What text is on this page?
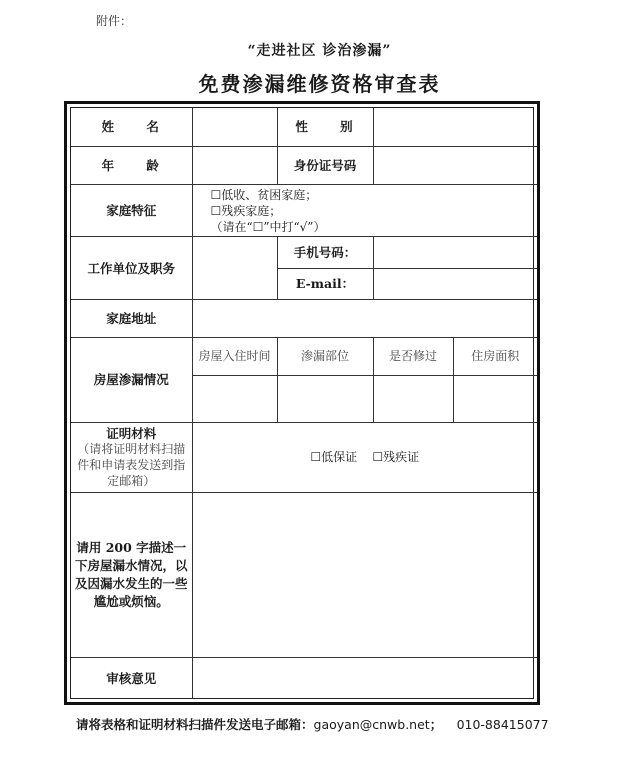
附件：
“走进社区 诊治渗漏”
免费渗漏维修资格审查表
姓 名		性 别		
年 龄		身份证号码		
家庭特征	☐低收、贫困家庭；
☐残疾家庭；
（请在“☐”中打“√”）			

工作单位及职务		手机号码：		
		E-mail：		
家庭地址				
房屋渗漏情况	房屋入住时间	渗漏部位	是否修过	住房面积

证明材料
（请将证明材料扫描件和申请表发送到指定邮箱）	☐低保证    ☐残疾证			
请用 200 字描述一下房屋漏水情况，以及因漏水发生的一些尴尬或烦恼。				
审核意见				
请将表格和证明材料扫描件发送电子邮箱：gaoyan@cnwb.net； 010-88415077
